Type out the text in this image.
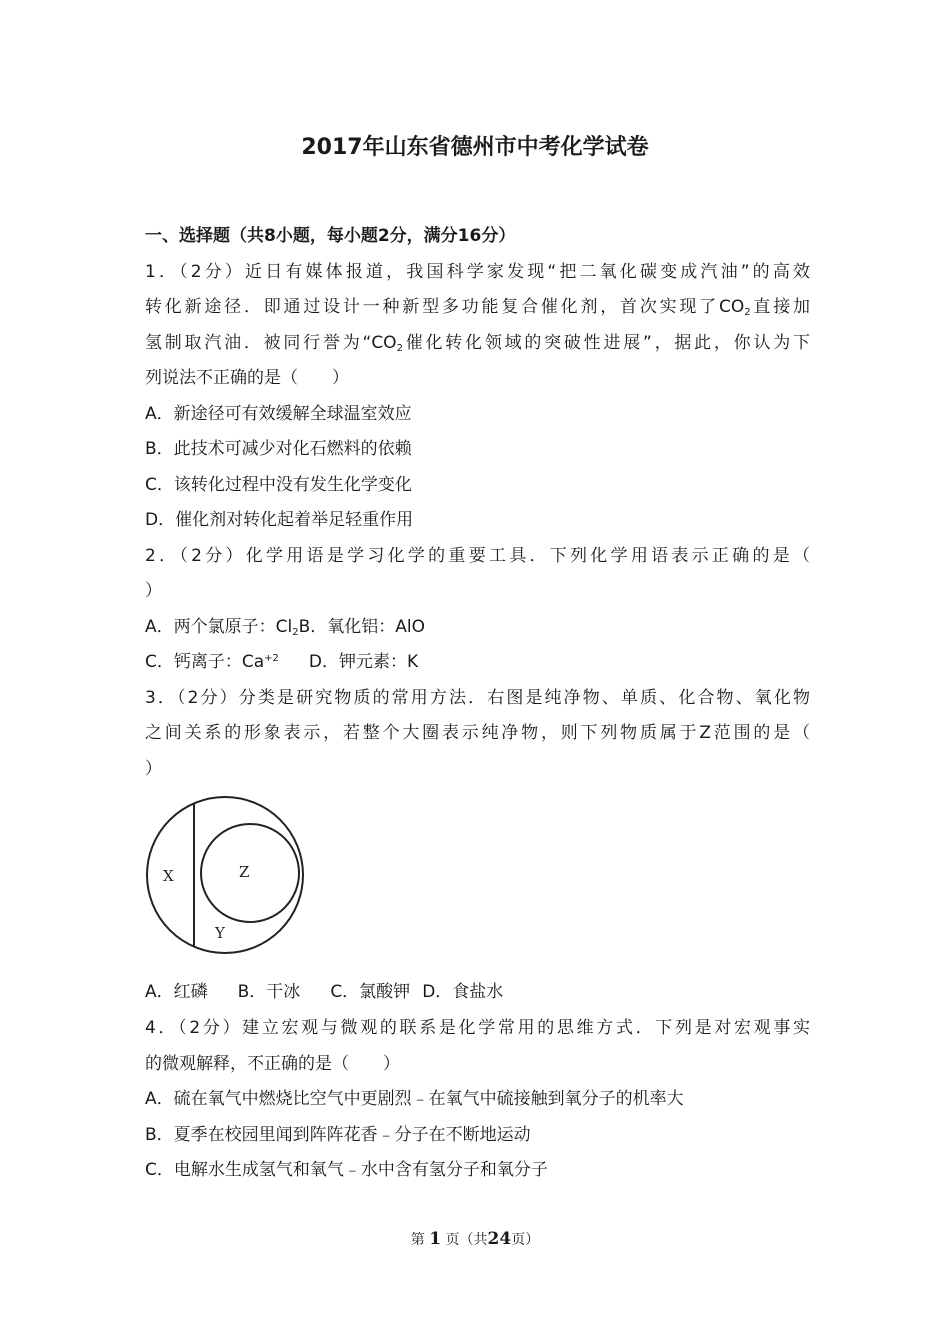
2017年山东省德州市中考化学试卷
一、选择题（共8小题，每小题2分，满分16分）
1．（2分）近日有媒体报道，我国科学家发现“把二氧化碳变成汽油”的高效
转化新途径．即通过设计一种新型多功能复合催化剂，首次实现了$CO_2$直接加
氢制取汽油．被同行誉为“$CO_2$催化转化领域的突破性进展”，据此，你认为下
列说法不正确的是（　　）
A．新途径可有效缓解全球温室效应
B．此技术可减少对化石燃料的依赖
C．该转化过程中没有发生化学变化
D．催化剂对转化起着举足轻重作用
2．（2分）化学用语是学习化学的重要工具．下列化学用语表示正确的是（
）
A．两个氯原子：$Cl_2B$．氧化铝：AlO
C．钙离子：$Ca^{+2}$ D．钾元素：K
3．（2分）分类是研究物质的常用方法．右图是纯净物、单质、化合物、氧化物
之间关系的形象表示，若整个大圈表示纯净物，则下列物质属于Z范围的是（
）
X	Z
Y
A．红磷 B．干冰 C．氯酸钾 D．食盐水
4．（2分）建立宏观与微观的联系是化学常用的思维方式．下列是对宏观事实
的微观解释，不正确的是（　　）
A．硫在氧气中燃烧比空气中更剧烈﹣在氧气中硫接触到氧分子的机率大
B．夏季在校园里闻到阵阵花香﹣分子在不断地运动
C．电解水生成氢气和氧气﹣水中含有氢分子和氧分子
第 1 页（共24页）
